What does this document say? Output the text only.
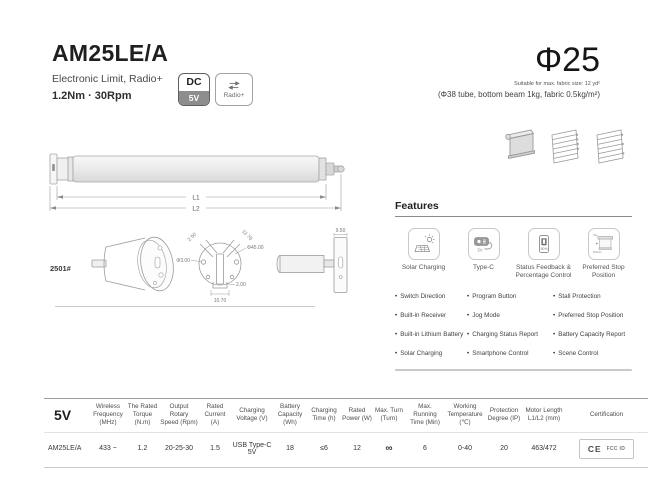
AM25LE/A
Electronic Limit, Radio+
1.2Nm · 30Rpm
DC
5V	Radio+
Φ25
Suitable for max. fabric size: 12 yd²
(Φ38 tube, bottom beam 1kg, fabric 0.5kg/m²)
L1
L2
2501#
Φ3.00
Φ45.00
2.50	12.70
2.00
10.70
9.50
Features
Solar Charging
5V
Type-C
50%
Status Feedback & Percentage Control
Top
Bottom
Preferred Stop Position
• Switch Direction	• Program Button	• Stall Protection
• Built-in Receiver	• Jog Mode	• Preferred Stop Position
• Built-in Lithium Battery	• Charging Status Report	• Battery Capacity Report
• Solar Charging	• Smartphone Control	• Scene Control
5V	Wireless Frequency (MHz)	The Rated Torque (N.m)	Output Rotary Speed (Rpm)	Rated Current (A)	Charging Voltage (V)	Battery Capacity (Wh)	Charging Time (h)	Rated Power (W)	Max. Turn (Turn)	Max. Running Time (Min)	Working Temperature (℃)	Protection Degree (IP)	Motor Length L1/L2 (mm)	Certification
AM25LE/A	433 ~	1.2	20-25-30	1.5	USB Type-C 5V	18	≤6	12	∞	6	0-40	20	463/472	CE FCC ID
